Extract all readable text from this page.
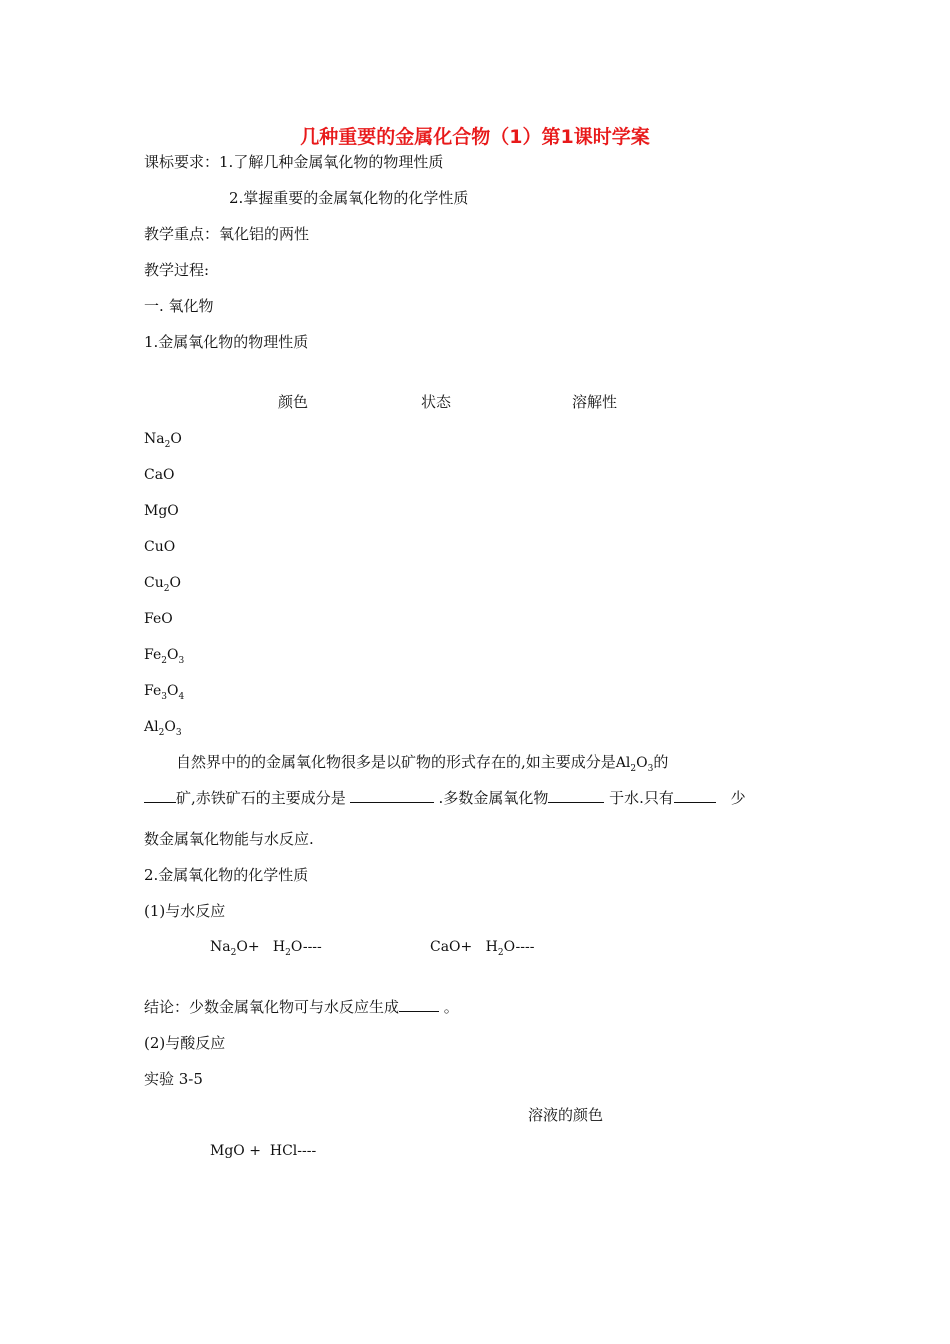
几种重要的金属化合物（1）第1课时学案
课标要求：1.了解几种金属氧化物的物理性质
2.掌握重要的金属氧化物的化学性质
教学重点：氧化铝的两性
教学过程:
一. 氧化物
1.金属氧化物的物理性质
颜色	状态	溶解性
$Na_2O$
CaO
MgO
CuO
$Cu_2O$
FeO
$Fe_2O_3$
$Fe_3O_4$
$Al_2O_3$
自然界中的的金属氧化物很多是以矿物的形式存在的,如主要成分是$Al_2O_3$的
矿,赤铁矿石的主要成分是	.多数金属氧化物	于水.只有	少
数金属氧化物能与水反应.
2.金属氧化物的化学性质
(1)与水反应
$Na_2O+ H_2O----$	$CaO+ H_2O----$
结论：少数金属氧化物可与水反应生成	。
(2)与酸反应
实验 3-5
溶液的颜色
MgO +  HCl----
